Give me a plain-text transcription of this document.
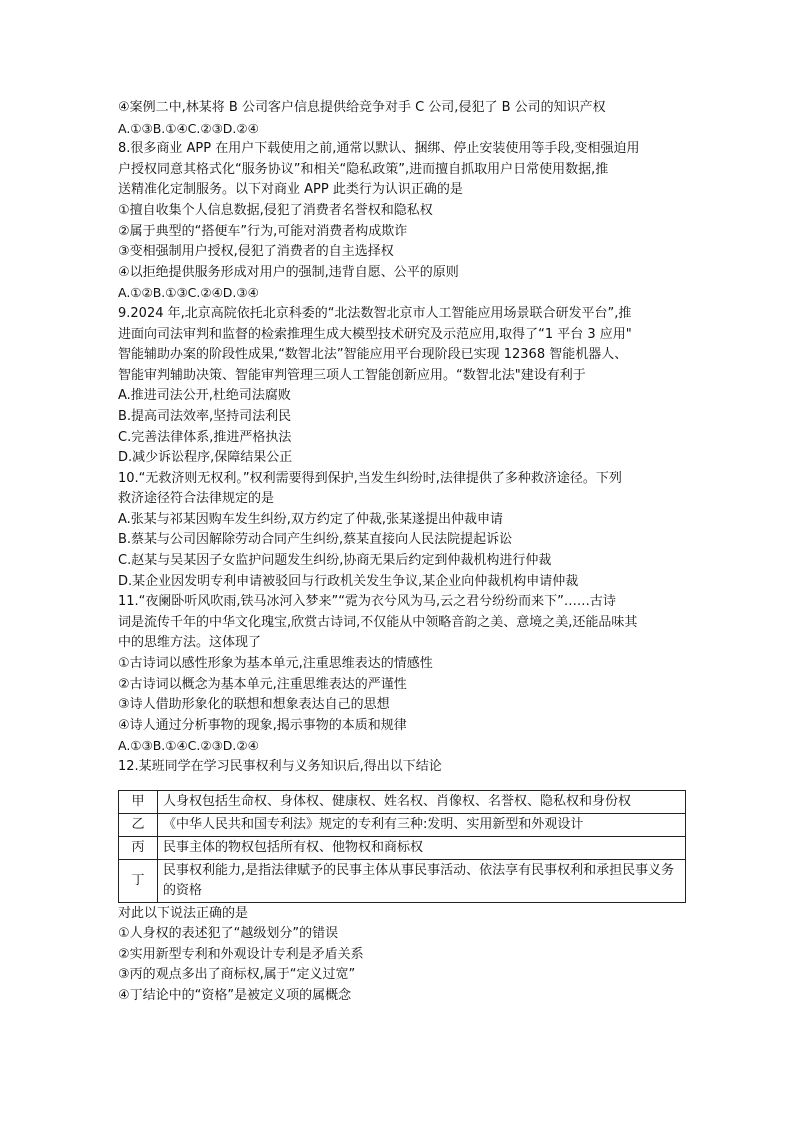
④案例二中,林某将 B 公司客户信息提供给竞争对手 C 公司,侵犯了 B 公司的知识产权
A.①③B.①④C.②③D.②④
8.很多商业 APP 在用户下载使用之前,通常以默认、捆绑、停止安装使用等手段,变相强迫用
户授权同意其格式化“服务协议”和相关“隐私政策”,进而擅自抓取用户日常使用数据,推
送精准化定制服务。以下对商业 APP 此类行为认识正确的是
①擅自收集个人信息数据,侵犯了消费者名誉权和隐私权
②属于典型的“搭便车”行为,可能对消费者构成欺诈
③变相强制用户授权,侵犯了消费者的自主选择权
④以拒绝提供服务形成对用户的强制,违背自愿、公平的原则
A.①②B.①③C.②④D.③④
9.2024 年,北京高院依托北京科委的“北法数智北京市人工智能应用场景联合研发平台”,推
进面向司法审判和监督的检索推理生成大模型技术研究及示范应用,取得了“1 平台 3 应用"
智能辅助办案的阶段性成果,“数智北法”智能应用平台现阶段已实现 12368 智能机器人、
智能审判辅助决策、智能审判管理三项人工智能创新应用。“数智北法"建设有利于
A.推进司法公开,杜绝司法腐败
B.提高司法效率,坚持司法利民
C.完善法律体系,推进严格执法
D.减少诉讼程序,保障结果公正
10.“无救济则无权利。”权利需要得到保护,当发生纠纷时,法律提供了多种救济途径。下列
救济途径符合法律规定的是
A.张某与祁某因购车发生纠纷,双方约定了仲裁,张某遂提出仲裁申请
B.蔡某与公司因解除劳动合同产生纠纷,蔡某直接向人民法院提起诉讼
C.赵某与吴某因子女监护问题发生纠纷,协商无果后约定到仲裁机构进行仲裁
D.某企业因发明专利申请被驳回与行政机关发生争议,某企业向仲裁机构申请仲裁
11.“夜阑卧听风吹雨,铁马冰河入梦来”“霓为衣兮风为马,云之君兮纷纷而来下”……古诗
词是流传千年的中华文化瑰宝,欣赏古诗词,不仅能从中领略音韵之美、意境之美,还能品味其
中的思维方法。这体现了
①古诗词以感性形象为基本单元,注重思维表达的情感性
②古诗词以概念为基本单元,注重思维表达的严谨性
③诗人借助形象化的联想和想象表达自己的思想
④诗人通过分析事物的现象,揭示事物的本质和规律
A.①③B.①④C.②③D.②④
12.某班同学在学习民事权利与义务知识后,得出以下结论
甲	人身权包括生命权、身体权、健康权、姓名权、肖像权、名誉权、隐私权和身份权
乙	《中华人民共和国专利法》规定的专利有三种:发明、实用新型和外观设计
丙	民事主体的物权包括所有权、他物权和商标权
丁	民事权利能力,是指法律赋予的民事主体从事民事活动、依法享有民事权利和承担民事义务的资格
对此以下说法正确的是
①人身权的表述犯了“越级划分”的错误
②实用新型专利和外观设计专利是矛盾关系
③丙的观点多出了商标权,属于“定义过宽”
④丁结论中的“资格”是被定义项的属概念
